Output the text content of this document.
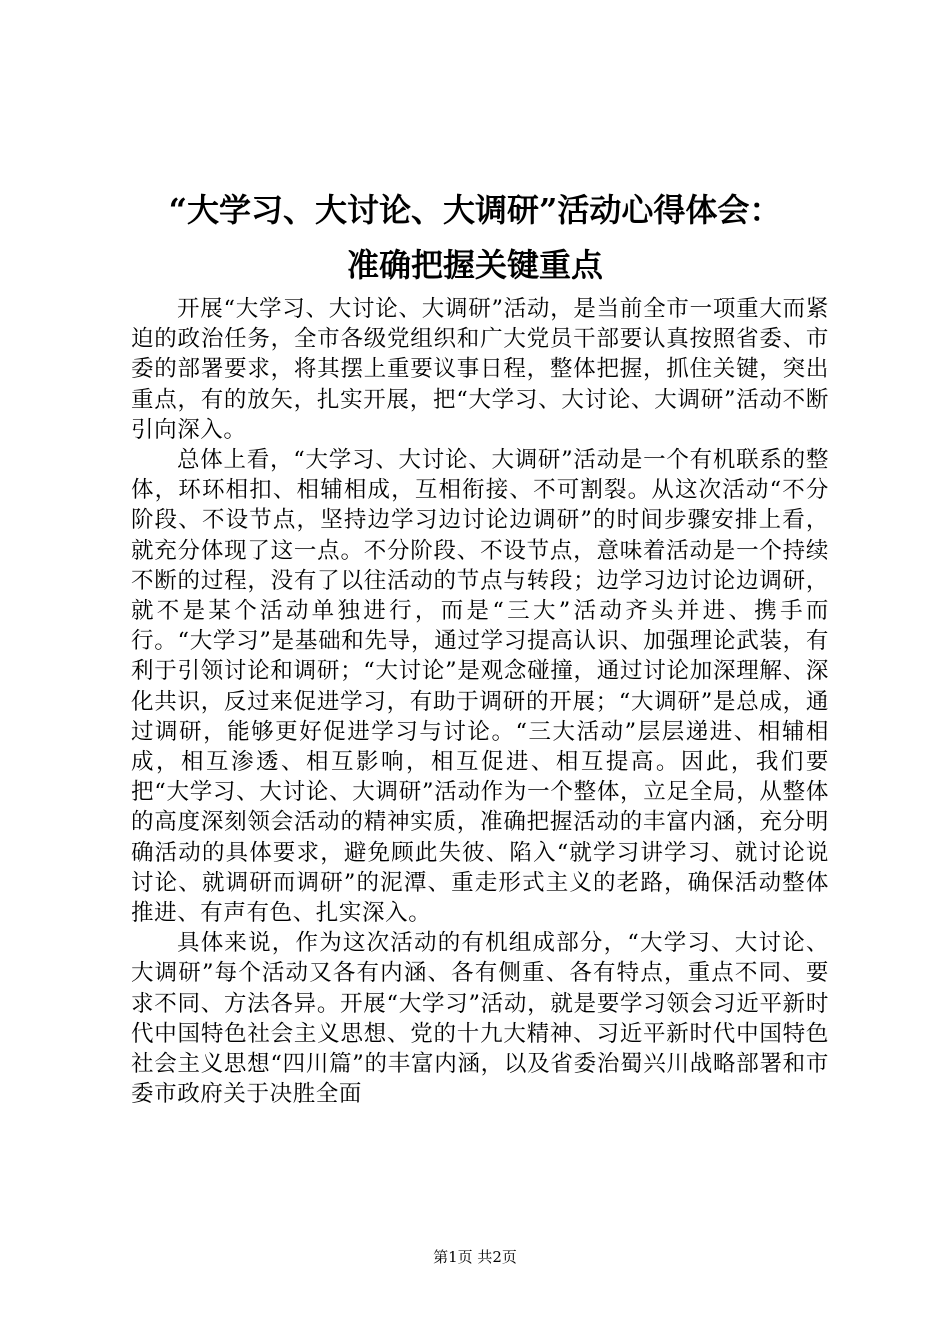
“大学习、大讨论、大调研”活动心得体会：
准确把握关键重点

开展“大学习、大讨论、大调研”活动，是当前全市一项重大而紧迫的政治任务，全市各级党组织和广大党员干部要认真按照省委、市委的部署要求，将其摆上重要议事日程，整体把握，抓住关键，突出重点，有的放矢，扎实开展，把“大学习、大讨论、大调研”活动不断引向深入。

总体上看，“大学习、大讨论、大调研”活动是一个有机联系的整体，环环相扣、相辅相成，互相衔接、不可割裂。从这次活动“不分阶段、不设节点，坚持边学习边讨论边调研”的时间步骤安排上看，就充分体现了这一点。不分阶段、不设节点，意味着活动是一个持续不断的过程，没有了以往活动的节点与转段；边学习边讨论边调研，就不是某个活动单独进行，而是“三大”活动齐头并进、携手而行。“大学习”是基础和先导，通过学习提高认识、加强理论武装，有利于引领讨论和调研；“大讨论”是观念碰撞，通过讨论加深理解、深化共识，反过来促进学习，有助于调研的开展；“大调研”是总成，通过调研，能够更好促进学习与讨论。“三大活动”层层递进、相辅相成，相互渗透、相互影响，相互促进、相互提高。因此，我们要把“大学习、大讨论、大调研”活动作为一个整体，立足全局，从整体的高度深刻领会活动的精神实质，准确把握活动的丰富内涵，充分明确活动的具体要求，避免顾此失彼、陷入“就学习讲学习、就讨论说讨论、就调研而调研”的泥潭、重走形式主义的老路，确保活动整体推进、有声有色、扎实深入。

具体来说，作为这次活动的有机组成部分，“大学习、大讨论、大调研”每个活动又各有内涵、各有侧重、各有特点，重点不同、要求不同、方法各异。开展“大学习”活动，就是要学习领会习近平新时代中国特色社会主义思想、党的十九大精神、习近平新时代中国特色社会主义思想“四川篇”的丰富内涵，以及省委治蜀兴川战略部署和市委市政府关于决胜全面

第1页 共2页
